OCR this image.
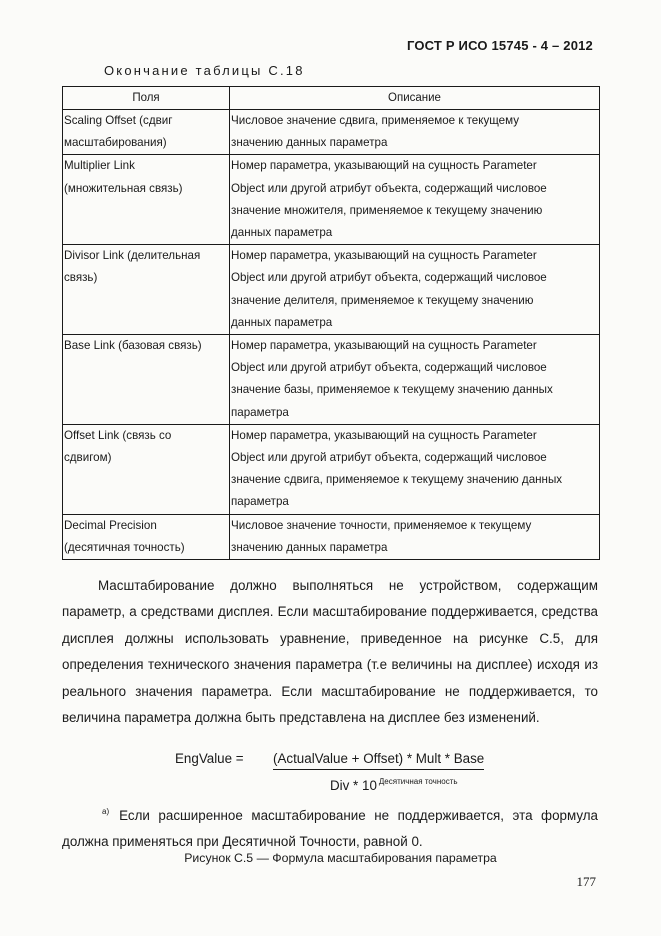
ГОСТ Р ИСО 15745 - 4 – 2012
Окончание таблицы С.18
Поля	Описание

Scaling Offset (сдвиг
масштабирования)	Числовое значение сдвига, применяемое к текущему
значению данных параметра

Multiplier Link
(множительная связь)	Номер параметра, указывающий на сущность Parameter
Object или другой атрибут объекта, содержащий числовое
значение множителя, применяемое к текущему значению
данных параметра

Divisor Link (делительная
связь)	Номер параметра, указывающий на сущность Parameter
Object или другой атрибут объекта, содержащий числовое
значение делителя, применяемое к текущему значению
данных параметра

Base Link (базовая связь)	Номер параметра, указывающий на сущность Parameter
Object или другой атрибут объекта, содержащий числовое
значение базы, применяемое к текущему значению данных
параметра

Offset Link (связь со
сдвигом)	Номер параметра, указывающий на сущность Parameter
Object или другой атрибут объекта, содержащий числовое
значение сдвига, применяемое к текущему значению данных
параметра

Decimal Precision
(десятичная точность)	Числовое значение точности, применяемое к текущему
значению данных параметра
Масштабирование должно выполняться не устройством, содержащим параметр, а средствами дисплея. Если масштабирование поддерживается, средства дисплея должны использовать уравнение, приведенное на рисунке С.5, для определения технического значения параметра (т.е величины на дисплее) исходя из реального значения параметра. Если масштабирование не поддерживается, то величина параметра должна быть представлена на дисплее без изменений.
EngValue = (ActualValue + Offset) * Mult * Base
Div * 10 $^{Десятичная точность}$
$^{a)}$ Если расширенное масштабирование не поддерживается, эта формула должна применяться при Десятичной Точности, равной 0.
Рисунок С.5 — Формула масштабирования параметра
177
